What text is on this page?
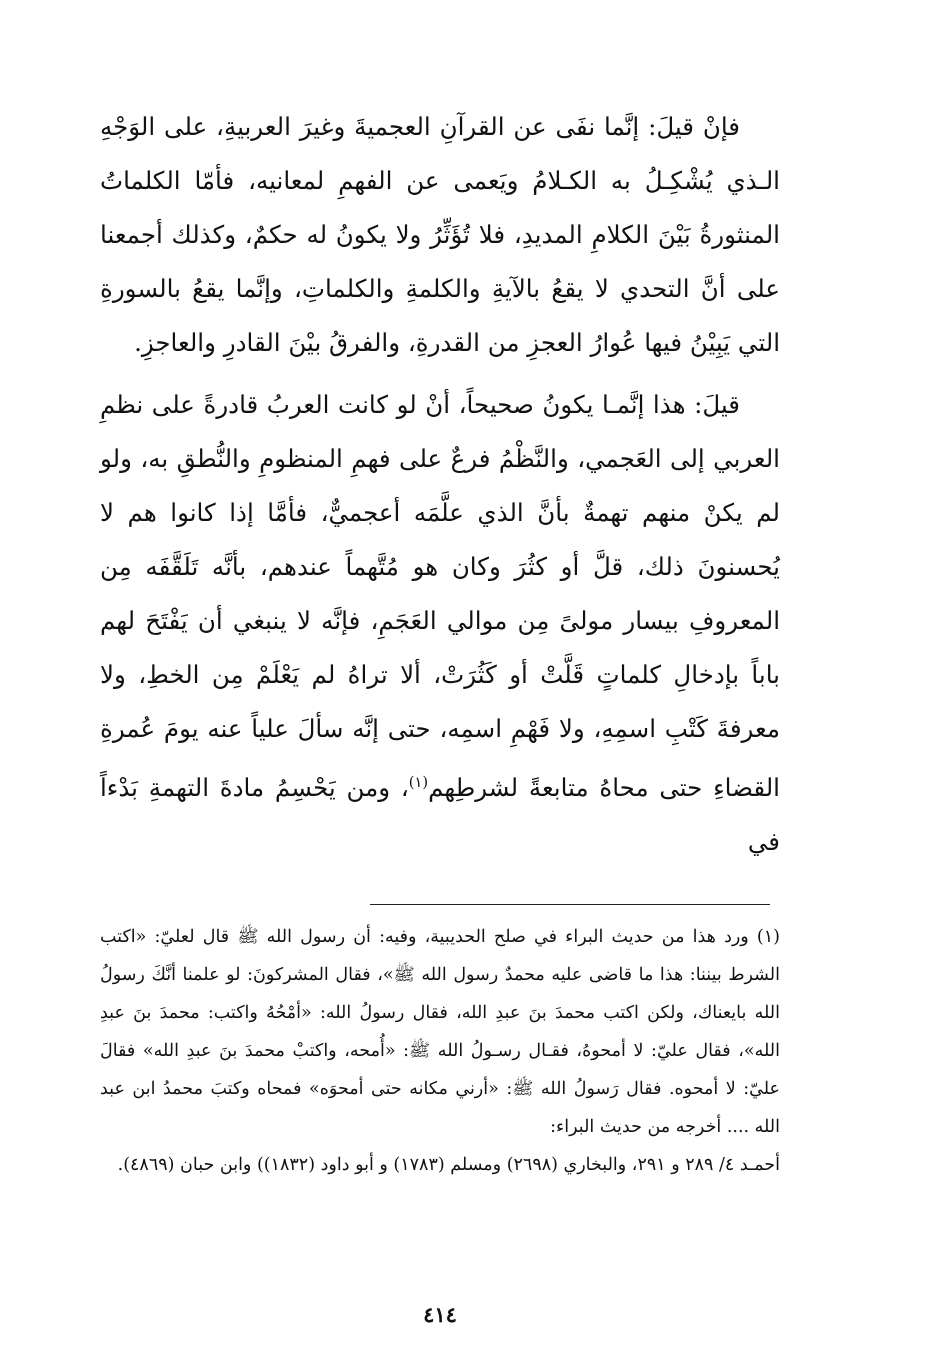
فإنْ قيلَ: إنَّما نفَى عن القرآنِ العجميةَ وغيرَ العربيةِ، على الوَجْهِ الـذي يُشْكِـلُ به الكـلامُ ويَعمى عن الفهمِ لمعانيه، فأمّا الكلماتُ المنثورةُ بَيْنَ الكلامِ المديدِ، فلا تُؤَثِّرُ ولا يكونُ له حكمٌ، وكذلك أجمعنا على أنَّ التحدي لا يقعُ بالآيةِ والكلمةِ والكلماتِ، وإنَّما يقعُ بالسورةِ التي يَبِيْنُ فيها عُوارُ العجزِ من القدرةِ، والفرقُ بيْنَ القادرِ والعاجزِ.

قيلَ: هذا إنَّمـا يكونُ صحيحاً، أنْ لو كانت العربُ قادرةً على نظمِ العربي إلى العَجمي، والنَّظْمُ فرعٌ على فهمِ المنظومِ والنُّطقِ به، ولو لم يكنْ منهم تهمةٌ بأنَّ الذي علَّمَه أعجميٌّ، فأمَّا إذا كانوا هم لا يُحسنونَ ذلك، قلَّ أو كثُرَ وكان هو مُتَّهماً عندهم، بأنَّه تَلَقَّفَه مِن المعروفِ بيسار مولىً مِن موالي العَجَمِ، فإنَّه لا ينبغي أن يَفْتَحَ لهم باباً بإدخالِ كلماتٍ قَلَّتْ أو كَثُرَتْ، ألا تراهُ لم يَعْلَمْ مِن الخطِ، ولا معرفةَ كَتْبِ اسمِهِ، ولا فَهْمِ اسمِه، حتى إنَّه سألَ علياً عنه يومَ عُمرةِ القضاءِ حتى محاهُ متابعةً لشرطِهم$^{(١)}$، ومن يَحْسِمُ مادةَ التهمةِ بَدْءاً في

(١) ورد هذا من حديث البراء في صلح الحديبية، وفيه: أن رسول الله ﷺ قال لعليّ: «اكتب الشرط بيننا: هذا ما قاضى عليه محمدٌ رسول الله ﷺ»، فقال المشركونَ: لو علمنا أنَّكَ رسولُ الله بايعناك، ولكن اكتب محمدَ بنَ عبدِ الله، فقال رسولُ الله: «أمْحُهُ واكتب: محمدَ بنَ عبدِ الله»، فقال عليّ: لا أمحوهُ، فقـال رسـولُ الله ﷺ: «أُمحه، واكتبْ محمدَ بنَ عبدِ الله» فقالَ عليّ: لا أمحوه. فقال رَسولُ الله ﷺ: «أرني مكانه حتى أمحوَه» فمحاه وكتبَ محمدُ ابن عبد الله .... أخرجه من حديث البراء:

أحمـد ٤/ ٢٨٩ و ٢٩١، والبخاري (٢٦٩٨) ومسلم (١٧٨٣) و أبو داود (١٨٣٢)) وابن حبان (٤٨٦٩).

٤١٤
